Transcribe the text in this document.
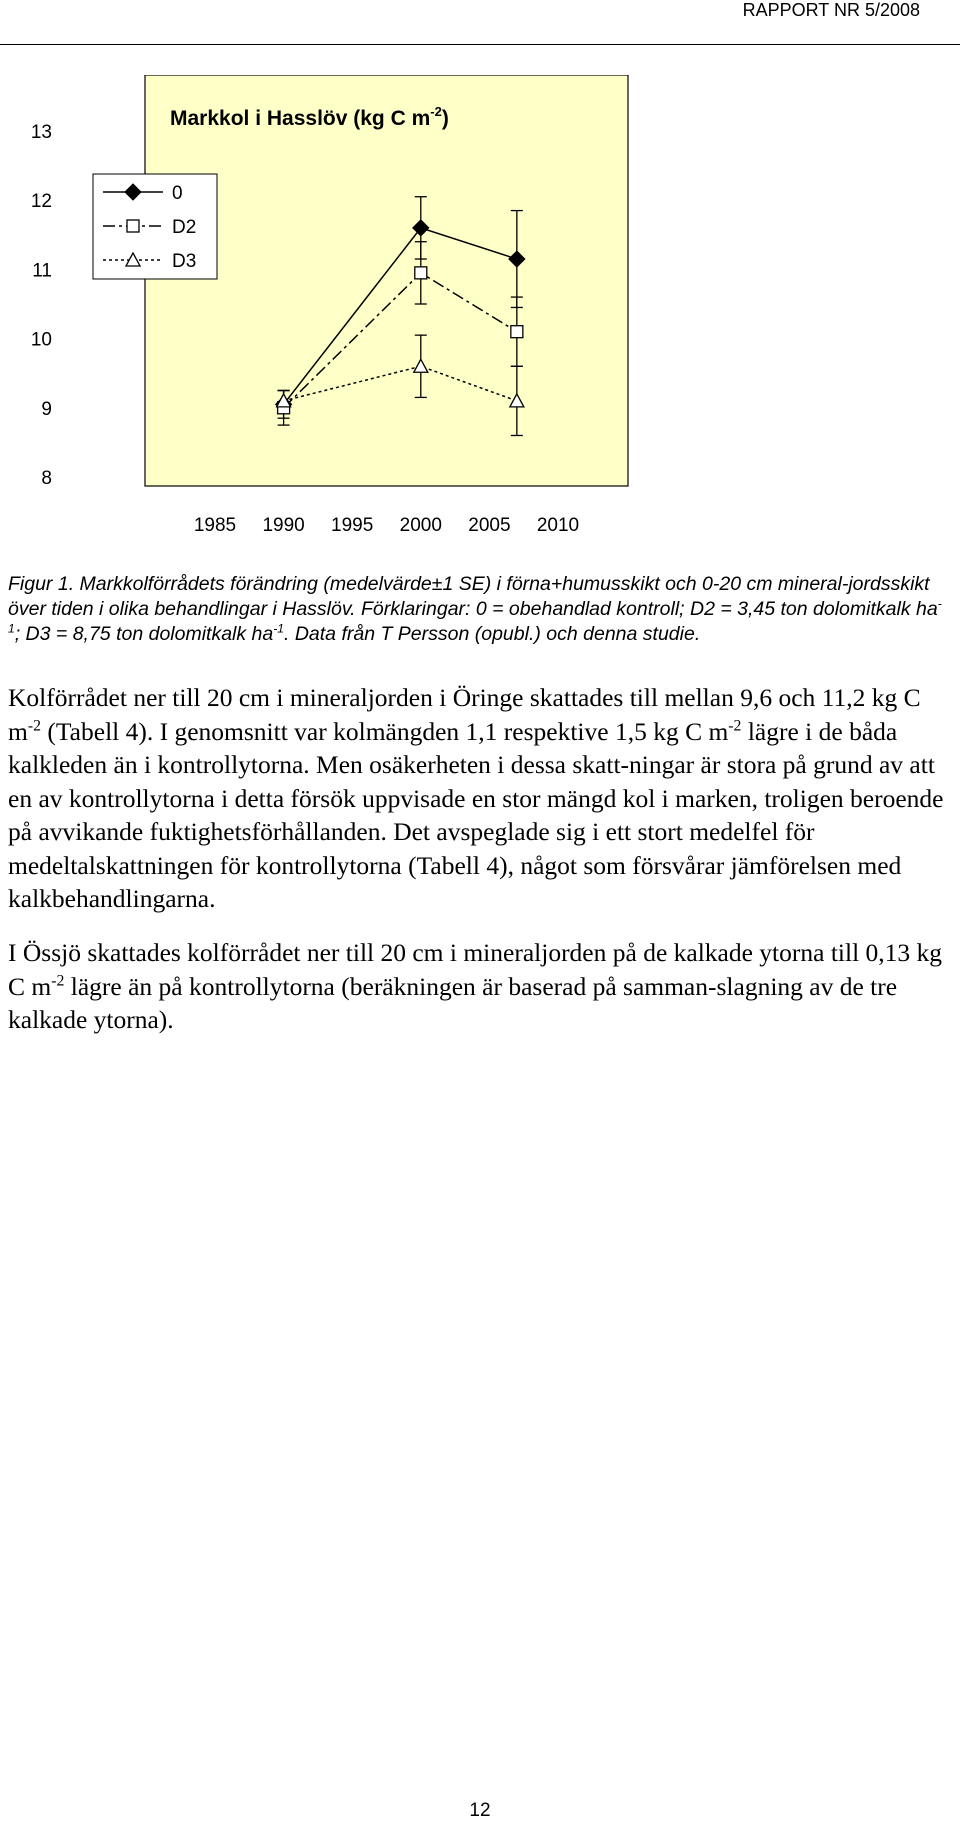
RAPPORT NR 5/2008
Markkol i Hasslöv (kg C $m^{-2}$)
13
12
11
10
9
8
1985 1990 1995 2000 2005 2010
0
D2
D3

Figur 1. Markkolförrådets förändring (medelvärde±1 SE) i förna+humusskikt och 0-20 cm mineral-jordsskikt över tiden i olika behandlingar i Hasslöv. Förklaringar: 0 = obehandlad kontroll; D2 = 3,45 ton dolomitkalk $ha^{-1}$; D3 = 8,75 ton dolomitkalk $ha^{-1}$. Data från T Persson (opubl.) och denna studie.

Kolförrådet ner till 20 cm i mineraljorden i Öringe skattades till mellan 9,6 och 11,2 kg C $m^{-2}$ (Tabell 4). I genomsnitt var kolmängden 1,1 respektive 1,5 kg C $m^{-2}$ lägre i de båda kalkleden än i kontrollytorna. Men osäkerheten i dessa skatt-ningar är stora på grund av att en av kontrollytorna i detta försök uppvisade en stor mängd kol i marken, troligen beroende på avvikande fuktighetsförhållanden. Det avspeglade sig i ett stort medelfel för medeltalskattningen för kontrollytorna (Tabell 4), något som försvårar jämförelsen med kalkbehandlingarna.

I Össjö skattades kolförrådet ner till 20 cm i mineraljorden på de kalkade ytorna till 0,13 kg C $m^{-2}$ lägre än på kontrollytorna (beräkningen är baserad på samman-slagning av de tre kalkade ytorna).

12
